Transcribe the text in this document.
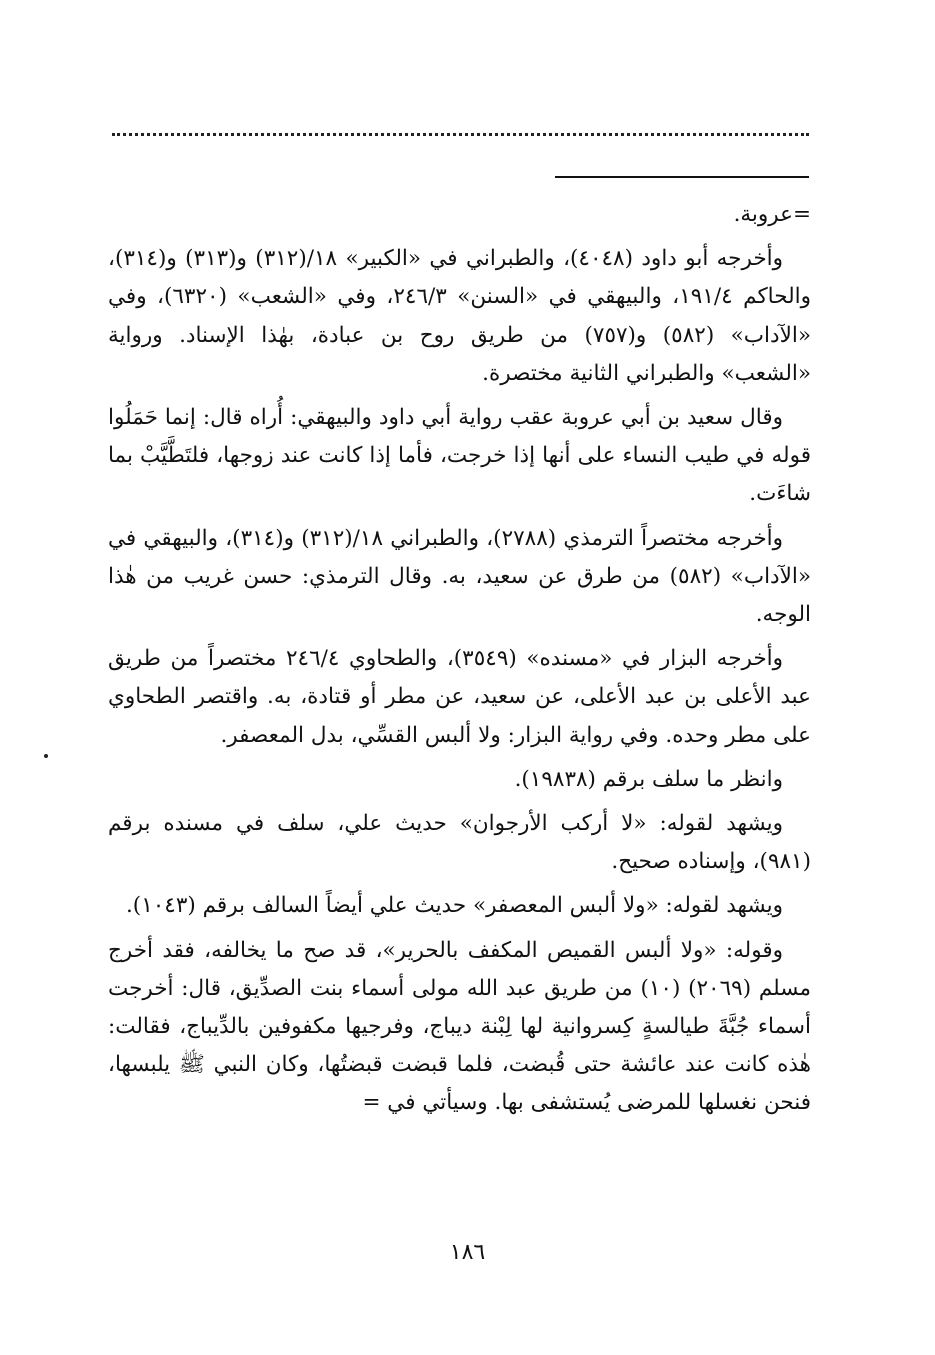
=عروبة.

وأخرجه أبو داود (٤٠٤٨)، والطبراني في «الكبير» ١٨/(٣١٢) و(٣١٣) و(٣١٤)، والحاكم ١٩١/٤، والبيهقي في «السنن» ٢٤٦/٣، وفي «الشعب» (٦٣٢٠)، وفي «الآداب» (٥٨٢) و(٧٥٧) من طريق روح بن عبادة، بهٰذا الإسناد. ورواية «الشعب» والطبراني الثانية مختصرة.

وقال سعيد بن أبي عروبة عقب رواية أبي داود والبيهقي: أُراه قال: إنما حَمَلُوا قوله في طيب النساء على أنها إذا خرجت، فأما إذا كانت عند زوجها، فلتَطَّيَّبْ بما شاءَت.

وأخرجه مختصراً الترمذي (٢٧٨٨)، والطبراني ١٨/(٣١٢) و(٣١٤)، والبيهقي في «الآداب» (٥٨٢) من طرق عن سعيد، به. وقال الترمذي: حسن غريب من هٰذا الوجه.

وأخرجه البزار في «مسنده» (٣٥٤٩)، والطحاوي ٢٤٦/٤ مختصراً من طريق عبد الأعلى بن عبد الأعلى، عن سعيد، عن مطر أو قتادة، به. واقتصر الطحاوي على مطر وحده. وفي رواية البزار: ولا ألبس القسِّي، بدل المعصفر.

وانظر ما سلف برقم (١٩٨٣٨).

ويشهد لقوله: «لا أركب الأرجوان» حديث علي، سلف في مسنده برقم (٩٨١)، وإسناده صحيح.

ويشهد لقوله: «ولا ألبس المعصفر» حديث علي أيضاً السالف برقم (١٠٤٣).

وقوله: «ولا ألبس القميص المكفف بالحرير»، قد صح ما يخالفه، فقد أخرج مسلم (٢٠٦٩) (١٠) من طريق عبد الله مولى أسماء بنت الصدِّيق، قال: أخرجت أسماء جُبَّةَ طيالسةٍ كِسروانية لها لِبْنة ديباج، وفرجيها مكفوفين بالدِّيباج، فقالت: هٰذه كانت عند عائشة حتى قُبضت، فلما قبضت قبضتُها، وكان النبي ﷺ يلبسها، فنحن نغسلها للمرضى يُستشفى بها. وسيأتي في =

١٨٦
